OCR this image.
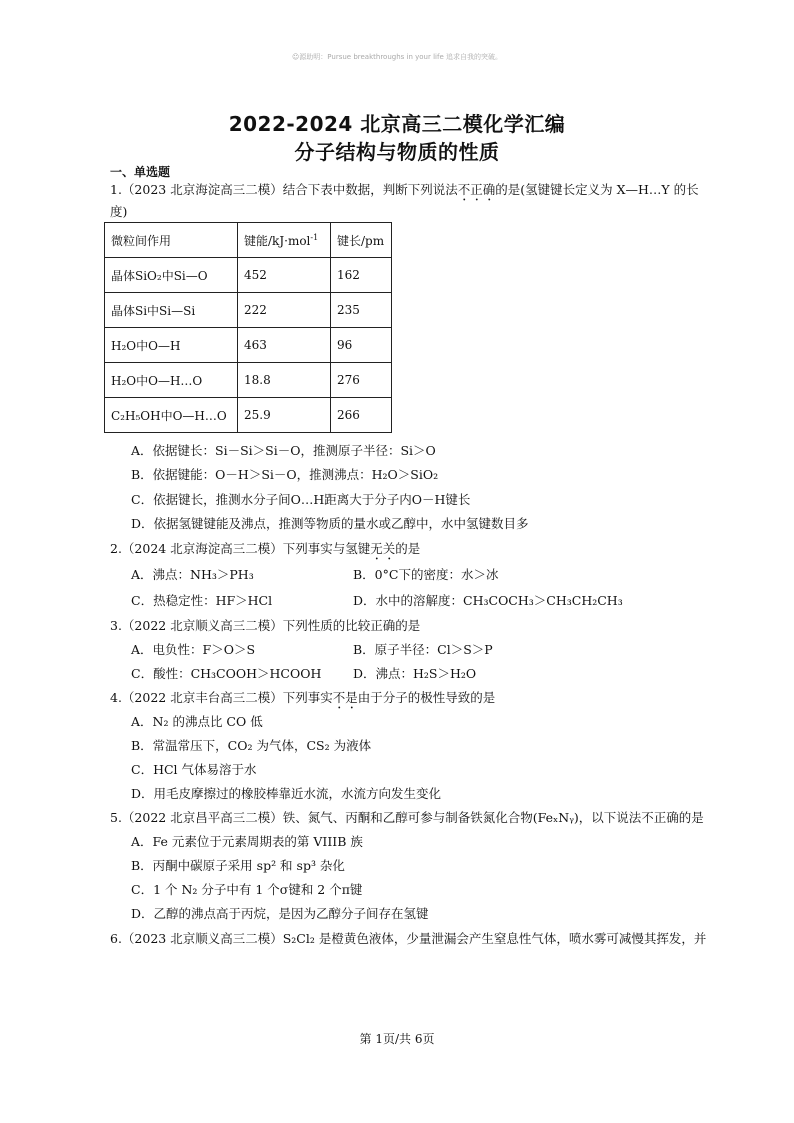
☺源助明：Pursue breakthroughs in your life 追求自我的突破。
2022-2024 北京高三二模化学汇编
分子结构与物质的性质
一、单选题
1.（2023 北京海淀高三二模）结合下表中数据，判断下列说法不正确的是(氢键键长定义为 X—H…Y 的长
度)
微粒间作用	键能/kJ·mol$^{-1}$	键长/pm
晶体SiO₂中Si—O	452	162
晶体Si中Si—Si	222	235
H₂O中O—H	463	96
H₂O中O—H…O	18.8	276
C₂H₅OH中O—H…O	25.9	266
A．依据键长：Si－Si＞Si－O，推测原子半径：Si＞O
B．依据键能：O－H＞Si－O，推测沸点：H₂O＞SiO₂
C．依据键长，推测水分子间O…H距离大于分子内O－H键长
D．依据氢键键能及沸点，推测等物质的量水或乙醇中，水中氢键数目多
2.（2024 北京海淀高三二模）下列事实与氢键无关的是
A．沸点：NH₃＞PH₃	B．0°C下的密度：水＞冰
C．热稳定性：HF＞HCl	D．水中的溶解度：CH₃COCH₃＞CH₃CH₂CH₃
3.（2022 北京顺义高三二模）下列性质的比较正确的是
A．电负性：F＞O＞S	B．原子半径：Cl＞S＞P
C．酸性：CH₃COOH＞HCOOH	D．沸点：H₂S＞H₂O
4.（2022 北京丰台高三二模）下列事实不是由于分子的极性导致的是
A．N₂ 的沸点比 CO 低
B．常温常压下，CO₂ 为气体，CS₂ 为液体
C．HCl 气体易溶于水
D．用毛皮摩擦过的橡胶棒靠近水流，水流方向发生变化
5.（2022 北京昌平高三二模）铁、氮气、丙酮和乙醇可参与制备铁氮化合物(FeₓNᵧ)，以下说法不正确的是
A．Fe 元素位于元素周期表的第 VIIIB 族
B．丙酮中碳原子采用 sp² 和 sp³ 杂化
C．1 个 N₂ 分子中有 1 个σ键和 2 个π键
D．乙醇的沸点高于丙烷，是因为乙醇分子间存在氢键
6.（2023 北京顺义高三二模）S₂Cl₂ 是橙黄色液体，少量泄漏会产生窒息性气体，喷水雾可减慢其挥发，并
第 1页/共 6页
